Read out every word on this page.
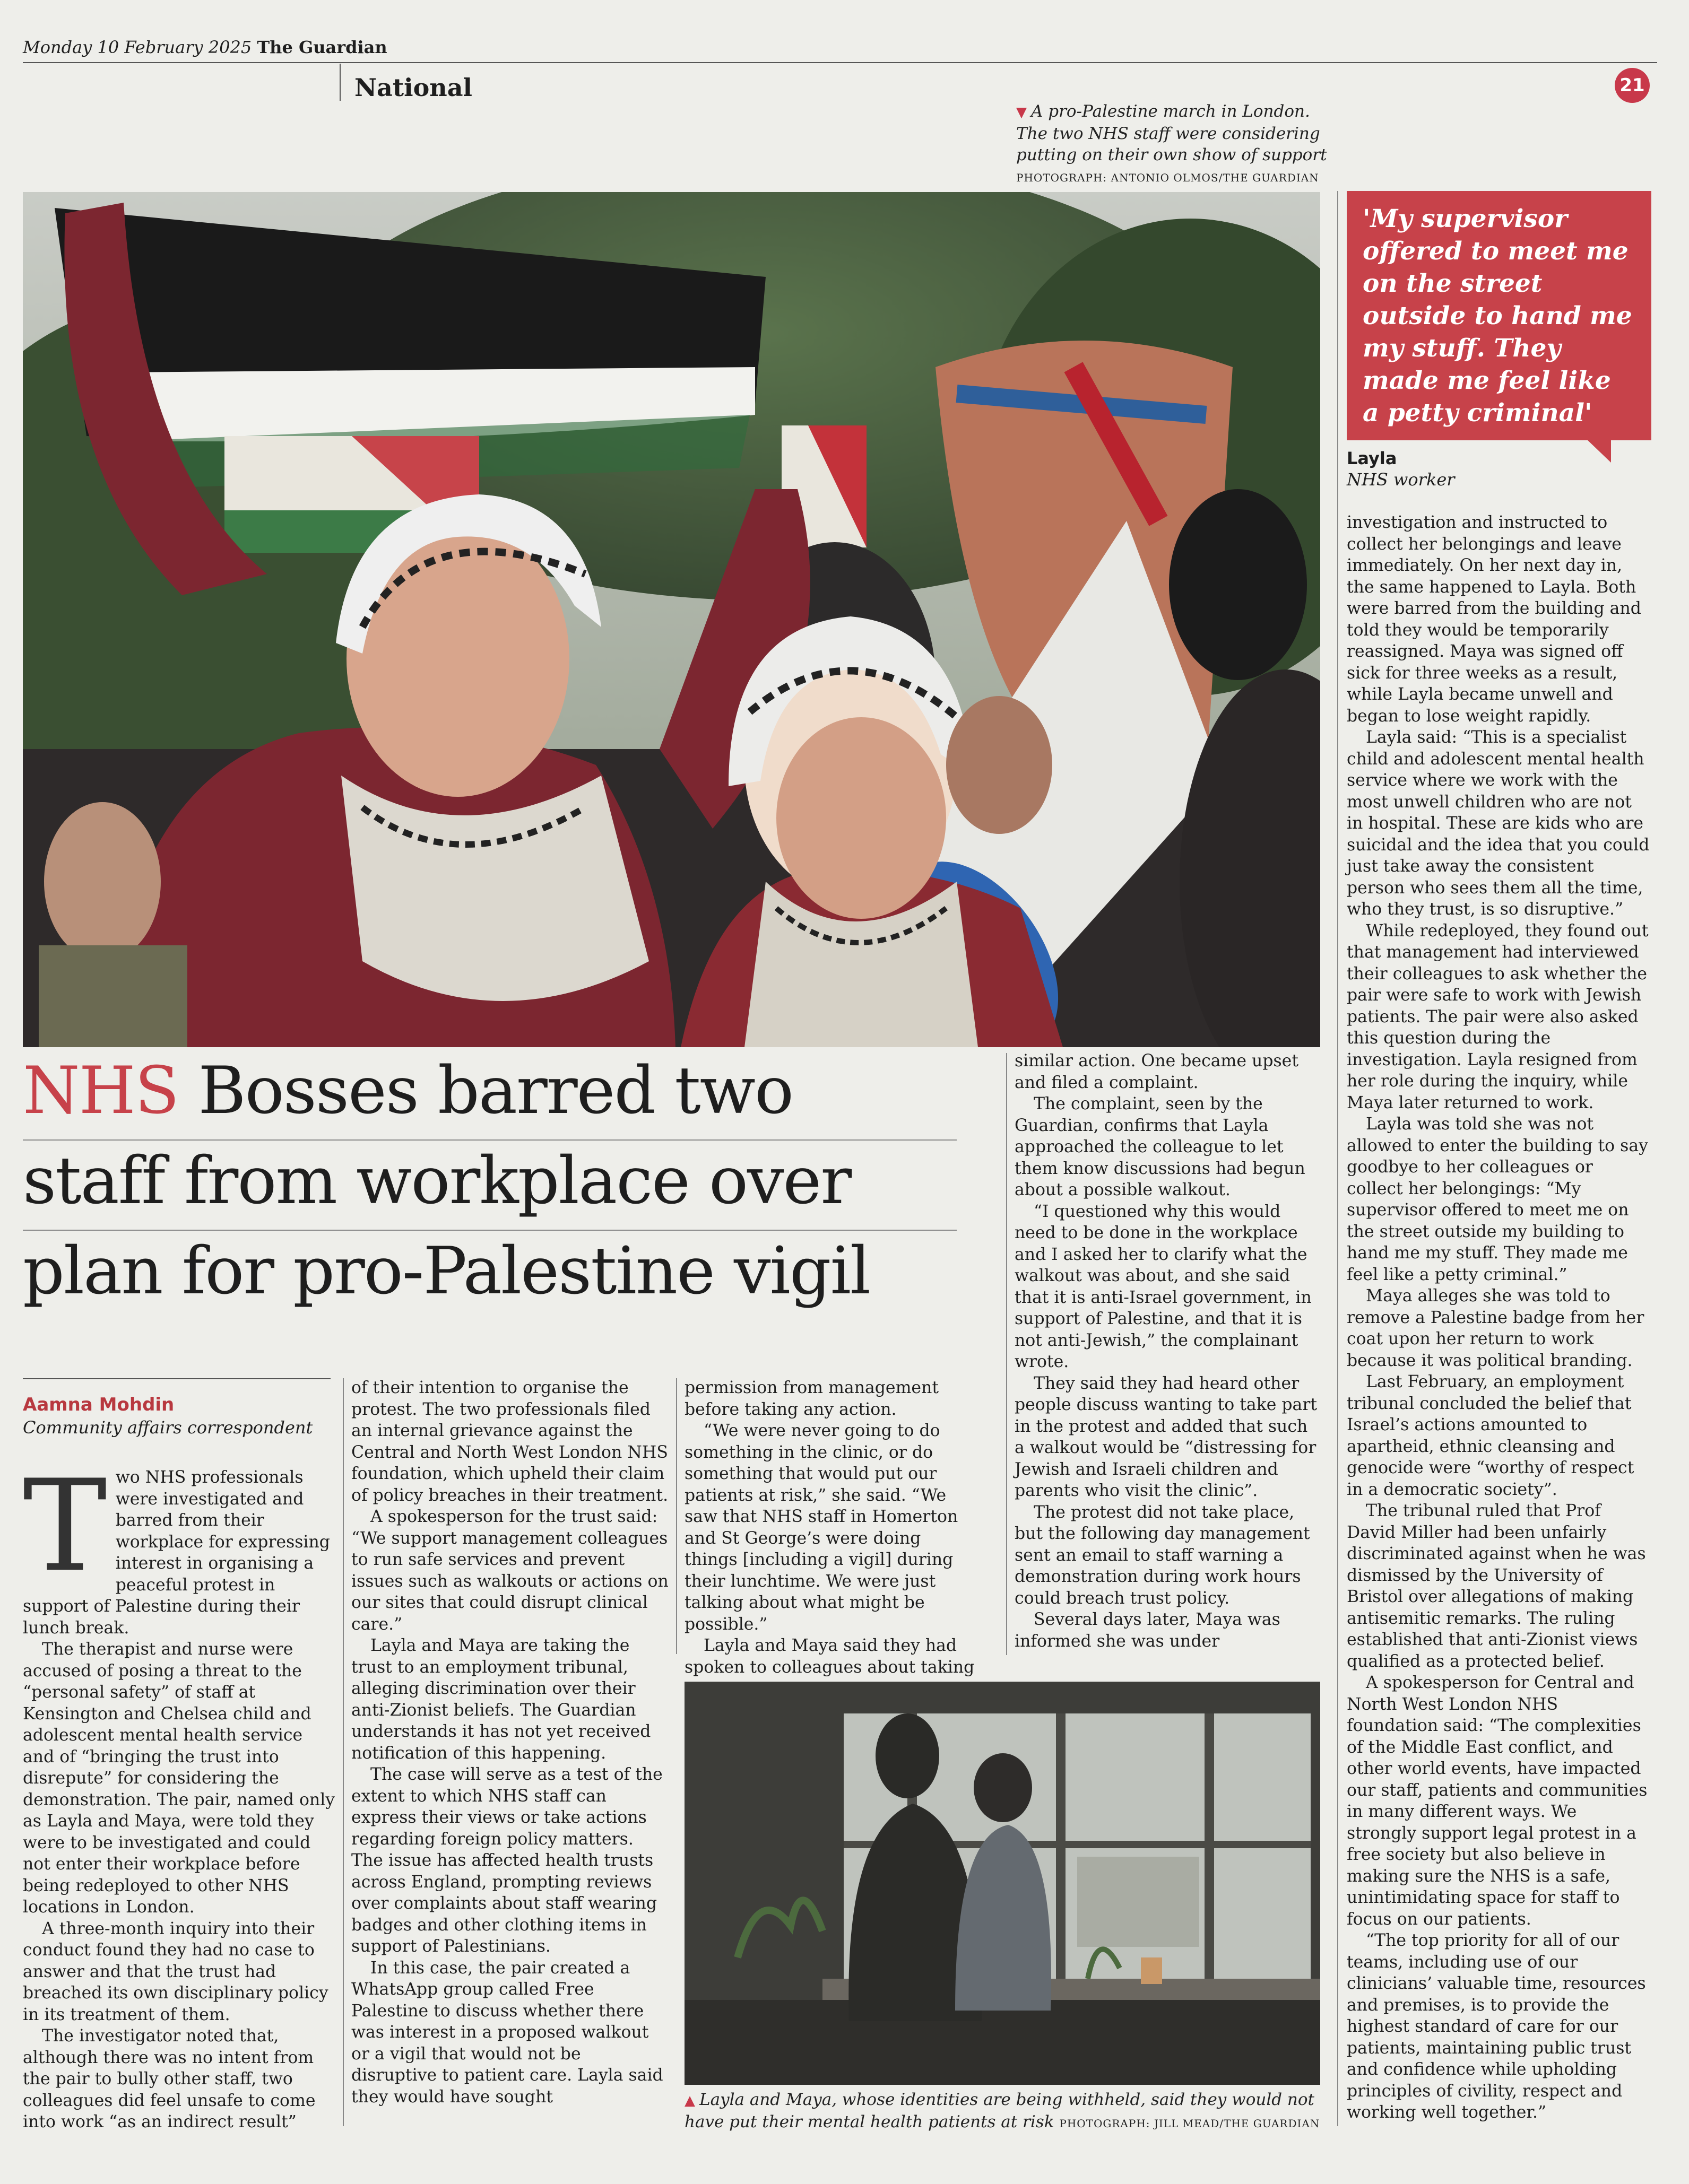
Monday 10 February 2025 The Guardian
National	21
▼ A pro-Palestine march in London. The two NHS staff were considering putting on their own show of support
PHOTOGRAPH: ANTONIO OLMOS/THE GUARDIAN
'My supervisor offered to meet me on the street outside to hand me my stuff. They made me feel like a petty criminal'
Layla
NHS worker
NHS Bosses barred two
staff from workplace over
plan for pro-Palestine vigil
Aamna Mohdin
Community affairs correspondent

Two NHS professionals were investigated and barred from their workplace for expressing interest in organising a peaceful protest in support of Palestine during their lunch break.

The therapist and nurse were accused of posing a threat to the “personal safety” of staff at Kensington and Chelsea child and adolescent mental health service and of “bringing the trust into disrepute” for considering the demonstration. The pair, named only as Layla and Maya, were told they were to be investigated and could not enter their workplace before being redeployed to other NHS locations in London.

A three-month inquiry into their conduct found they had no case to answer and that the trust had breached its own disciplinary policy in its treatment of them.

The investigator noted that, although there was no intent from the pair to bully other staff, two colleagues did feel unsafe to come into work “as an indirect result”

of their intention to organise the protest. The two professionals filed an internal grievance against the Central and North West London NHS foundation, which upheld their claim of policy breaches in their treatment.

A spokesperson for the trust said: “We support management colleagues to run safe services and prevent issues such as walkouts or actions on our sites that could disrupt clinical care.”

Layla and Maya are taking the trust to an employment tribunal, alleging discrimination over their anti-Zionist beliefs. The Guardian understands it has not yet received notification of this happening.

The case will serve as a test of the extent to which NHS staff can express their views or take actions regarding foreign policy matters. The issue has affected health trusts across England, prompting reviews over complaints about staff wearing badges and other clothing items in support of Palestinians.

In this case, the pair created a WhatsApp group called Free Palestine to discuss whether there was interest in a proposed walkout or a vigil that would not be disruptive to patient care. Layla said they would have sought

permission from management before taking any action.

“We were never going to do something in the clinic, or do something that would put our patients at risk,” she said. “We saw that NHS staff in Homerton and St George’s were doing things [including a vigil] during their lunchtime. We were just talking about what might be possible.”

Layla and Maya said they had spoken to colleagues about taking

similar action. One became upset and filed a complaint.

The complaint, seen by the Guardian, confirms that Layla approached the colleague to let them know discussions had begun about a possible walkout.

“I questioned why this would need to be done in the workplace and I asked her to clarify what the walkout was about, and she said that it is anti-Israel government, in support of Palestine, and that it is not anti-Jewish,” the complainant wrote.

They said they had heard other people discuss wanting to take part in the protest and added that such a walkout would be “distressing for Jewish and Israeli children and parents who visit the clinic”.

The protest did not take place, but the following day management sent an email to staff warning a demonstration during work hours could breach trust policy.

Several days later, Maya was informed she was under

investigation and instructed to collect her belongings and leave immediately. On her next day in, the same happened to Layla. Both were barred from the building and told they would be temporarily reassigned. Maya was signed off sick for three weeks as a result, while Layla became unwell and began to lose weight rapidly.

Layla said: “This is a specialist child and adolescent mental health service where we work with the most unwell children who are not in hospital. These are kids who are suicidal and the idea that you could just take away the consistent person who sees them all the time, who they trust, is so disruptive.”

While redeployed, they found out that management had interviewed their colleagues to ask whether the pair were safe to work with Jewish patients. The pair were also asked this question during the investigation. Layla resigned from her role during the inquiry, while Maya later returned to work.

Layla was told she was not allowed to enter the building to say goodbye to her colleagues or collect her belongings: “My supervisor offered to meet me on the street outside my building to hand me my stuff. They made me feel like a petty criminal.”

Maya alleges she was told to remove a Palestine badge from her coat upon her return to work because it was political branding.

Last February, an employment tribunal concluded the belief that Israel’s actions amounted to apartheid, ethnic cleansing and genocide were “worthy of respect in a democratic society”.

The tribunal ruled that Prof David Miller had been unfairly discriminated against when he was dismissed by the University of Bristol over allegations of making antisemitic remarks. The ruling established that anti-Zionist views qualified as a protected belief.

A spokesperson for Central and North West London NHS foundation said: “The complexities of the Middle East conflict, and other world events, have impacted our staff, patients and communities in many different ways. We strongly support legal protest in a free society but also believe in making sure the NHS is a safe, unintimidating space for staff to focus on our patients.

“The top priority for all of our teams, including use of our clinicians’ valuable time, resources and premises, is to provide the highest standard of care for our patients, maintaining public trust and confidence while upholding principles of civility, respect and working well together.”

▲ Layla and Maya, whose identities are being withheld, said they would not have put their mental health patients at risk PHOTOGRAPH: JILL MEAD/THE GUARDIAN
